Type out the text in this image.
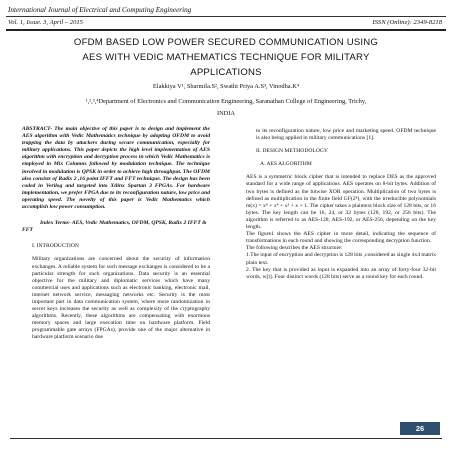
International Journal of Electrical and Computing Engineering
Vol. 1, Issue. 3, April – 2015	ISSN (Online): 2349-8218
OFDM BASED LOW POWER SECURED COMMUNICATION USING
AES WITH VEDIC MATHEMATICS TECHNIQUE FOR MILITARY
APPLICATIONS
Elakkiya V¹, Sharmila.S², Swathi Priya A.S³, Vinodha.K⁴
¹,²,³,⁴Department of Electronics and Communication Engineering, Saranathan College of Engineering, Trichy,
INDIA

ABSTRACT- The main objective of this paper is to design and implement the AES algorithm with Vedic Mathematics technique by adopting OFDM to avoid trapping the data by attackers during secure communication, especially for military applications. This paper depicts the high level implementation of AES algorithm with encryption and decryption process in which Vedic Mathematics is employed in Mix Columns followed by modulation technique. The technique involved in modulation is QPSK in order to achieve high throughput. The OFDM also consists of Radix 2 ,16 point IFFT and FFT technique. The design has been coded in Verilog and targeted into Xilinx Spartan 3 FPGAs. For hardware implementation, we prefer FPGA due to its reconfiguration nature, low price and operating speed. The novelty of this paper is Vedic Mathematics which accomplish low power consumption.

Index Terms- AES, Vedic Mathematics, OFDM, QPSK, Radix 2 IFFT & FFT

I. INTRODUCTION

Military organizations are concerned about the security of information exchanges. A reliable system for such message exchanges is considered to be a particular strength for such organizations. Data security is an essential objective for the military and diplomatic services which have many commercial uses and applications such as electronic banking, electronic mail, internet network service, messaging networks etc. Security is the most important part in data communication system, where more randomization in secret keys increases the security as well as complexity of the cryptography algorithms. Recently, these algorithms are compensating with enormous memory spaces and large execution time on hardware platform. Field programmable gate arrays (FPGAs), provide one of the major alternative in hardware platform scenario due

to its reconfiguration nature, low price and marketing speed. OFDM technique is also being applied in military communications [1].

II. DESIGN METHODOLOGY
A. AES ALGORITHM

AES is a symmetric block cipher that is intended to replace DES as the approved standard for a wide range of applications. AES operates on 8-bit bytes. Addition of two bytes is defined as the bitwise XOR operation. Multiplication of two bytes is defined as multiplication in the finite field GF(2⁸), with the irreducible polynomials m(x) = x⁸ + x⁴ + x³ + x + 1. The cipher takes a plaintext block size of 128 bits, or 16 bytes. The key length can be 16, 24, or 32 bytes (128, 192, or 256 bits). The algorithm is referred to as AES-128, AES-192, or AES-256, depending on the key length.

The figure1 shows the AES cipher in more detail, indicating the sequence of transformations in each round and showing the corresponding decryption function.

The following describes the AES structure:

1.The input of encryption and decryption is 128 bits ,considered as single 4x4 matrix plain text.

2. The key that is provided as input is expanded into an array of forty-four 32-bit words, w[i]. Four distinct words (128 bits) serve as a round key for each round.

26
